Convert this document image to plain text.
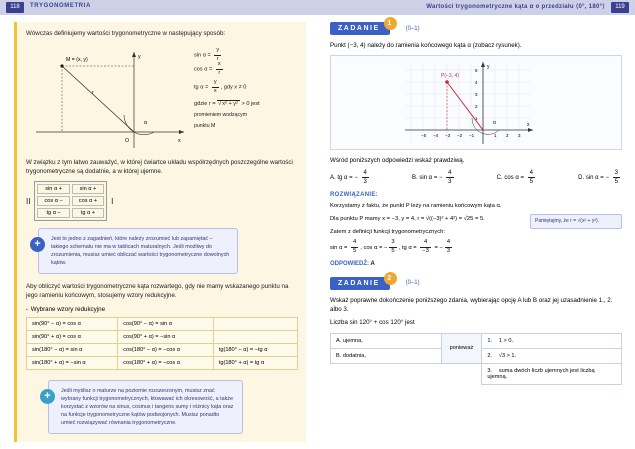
118	TRYGONOMETRIA	Wartości trygonometryczne kąta α o przedziału ⟨0°, 180°⟩	119
Wówczas definiujemy wartości trygonometryczne w następujący sposób:
M = (x, y)
O
α
x
y
r
$\sin \alpha = \frac{y}{r}$
$\cos \alpha = \frac{x}{r}$
tg $\alpha = \frac{y}{x}$ , gdy x ≠ 0
gdzie r = √x² + y² > 0 jest
promieniem wodzącym
punktu M
W związku z tym łatwo zauważyć, w której ćwiartce układu współrzędnych poszczególne wartości trygonometryczne są dodatnie, a w której ujemne.
II
sin α +	sin α +
cos α −	cos α +
tg α −	tg α +
I
+	Jest to jedno z zagadnień, które należy zrozumieć lub zapamiętać – takiego schematu nie ma w tablicach maturalnych. Jeśli możliwy do zrozumienia, musisz umieć obliczać wartości trygonometryczne dowolnych kątów.
Aby obliczyć wartości trygonometryczne kąta rozwartego, gdy nie mamy wskazanego punktu na jego ramieniu końcowym, stosujemy wzory redukcyjne.
▪ Wybrane wzory redukcyjne
sin(90° − α) = cos α	cos(90° − α) = sin α	
sin(90° + α) = cos α	cos(90° + α) = −sin α	
sin(180° − α) = sin α	cos(180° − α) = −cos α	tg(180° − α) = −tg α
sin(180° + α) = −sin α	cos(180° + α) = −cos α	tg(180° + α) = tg α
+	Jeśli myślisz o maturze na poziomie rozszerzonym, musisz znać wybrany funkcji trygonometrycznych, ktowawać ich okresowość, a także korzystać z wzorów na sinus, cosinus i tangens sumy i różnicy kąta oraz na funkcje trygonometryczne kątów podwojonych. Musisz ponadto umieć rozwiązywać równania trygonometryczne.
ZADANIE
1
(0–1)
Punkt (−3, 4) należy do ramienia końcowego kąta α (zobacz rysunek).
P(−3, 4)
α
5
4
3
2
1
−5 −4 −3 −2 −1	1 2 3
x
y
Wśród poniższych odpowiedzi wskaż prawdziwą.
A. tg α = − $\frac{4}{3}$	B. sin α = − $\frac{4}{3}$	C. $\cos \alpha = \frac{4}{5}$	D. sin α = − $\frac{3}{5}$
ROZWIĄZANIE:
Korzystamy z faktu, że punkt P leży na ramieniu końcowym kąta α.
Dla punktu P mamy x = −3, y = 4, r = √((−3)² + 4²) = √25 = 5.
Zatem z definicji funkcji trygonometrycznych:
Pamiętajmy, że r = √(x² + y²).
$\sin \alpha = \frac{4}{5}$ , cos α = − $\frac{3}{5}$ , tg $\alpha = \frac{4}{-3}$ = − $\frac{4}{3}$
ODPOWIEDŹ: A
ZADANIE
2
(0–1)
Wskaż poprawne dokończenie poniższego zdania, wybierając opcję A lub B oraz jej uzasadnienie 1., 2. albo 3.
Liczba sin 120° + cos 120° jest
A. ujemna,	ponieważ	1. 1 > 0.
B. dodatnia,		2. √3 > 1.
		3. suma dwóch liczb ujemnych jest liczbą ujemną.
